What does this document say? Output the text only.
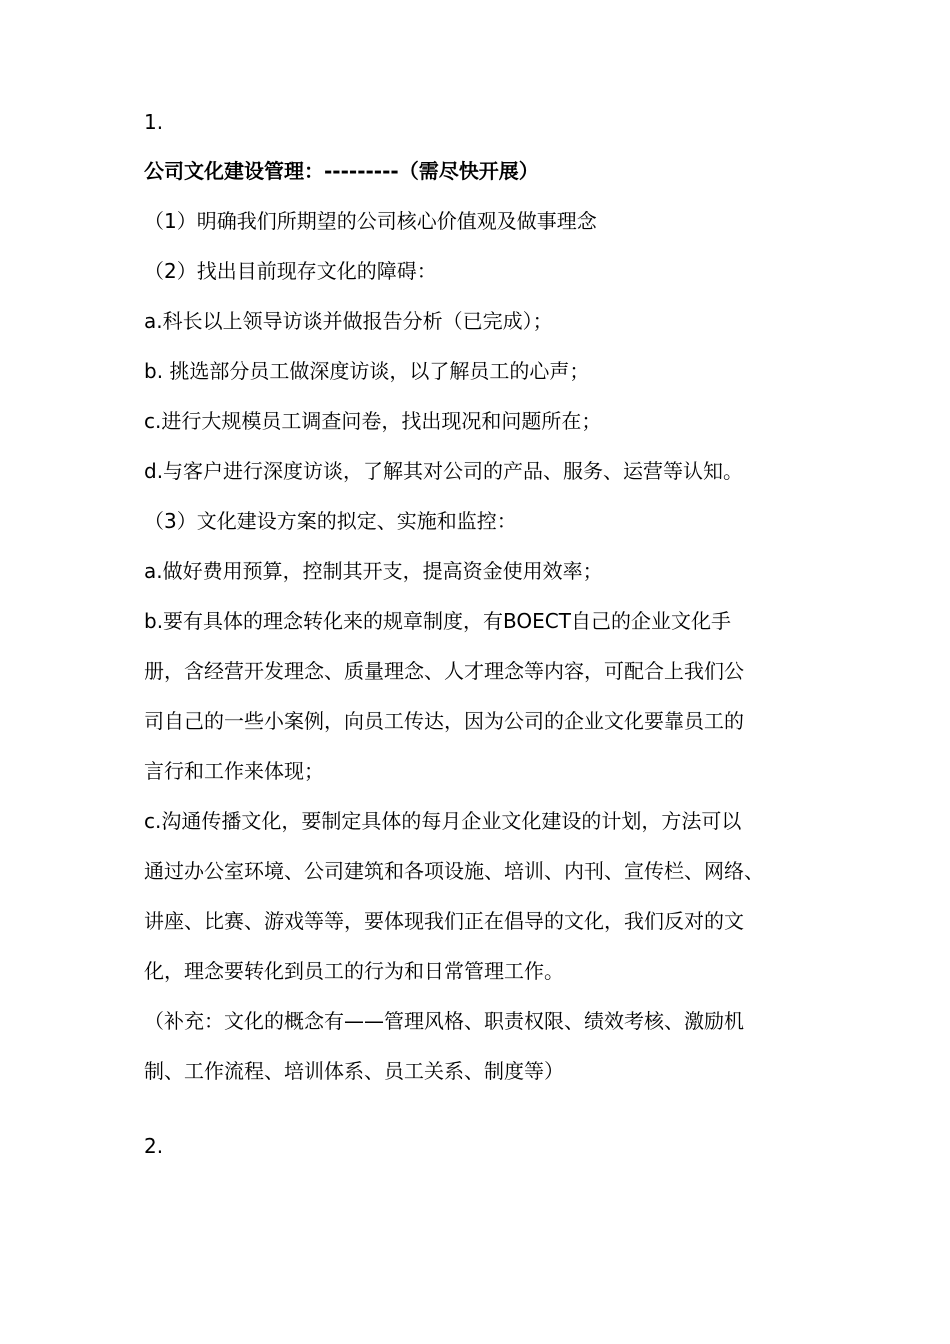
1.
公司文化建设管理：---------（需尽快开展）
（1）明确我们所期望的公司核心价值观及做事理念
（2）找出目前现存文化的障碍：
a.科长以上领导访谈并做报告分析（已完成）；
b. 挑选部分员工做深度访谈，以了解员工的心声；
c.进行大规模员工调查问卷，找出现况和问题所在；
d.与客户进行深度访谈，了解其对公司的产品、服务、运营等认知。
（3）文化建设方案的拟定、实施和监控：
a.做好费用预算，控制其开支，提高资金使用效率；
b.要有具体的理念转化来的规章制度，有BOECT自己的企业文化手
册，含经营开发理念、质量理念、人才理念等内容，可配合上我们公
司自己的一些小案例，向员工传达，因为公司的企业文化要靠员工的
言行和工作来体现；
c.沟通传播文化，要制定具体的每月企业文化建设的计划，方法可以
通过办公室环境、公司建筑和各项设施、培训、内刊、宣传栏、网络、
讲座、比赛、游戏等等，要体现我们正在倡导的文化，我们反对的文
化，理念要转化到员工的行为和日常管理工作。
（补充：文化的概念有——管理风格、职责权限、绩效考核、激励机
制、工作流程、培训体系、员工关系、制度等）
2.
